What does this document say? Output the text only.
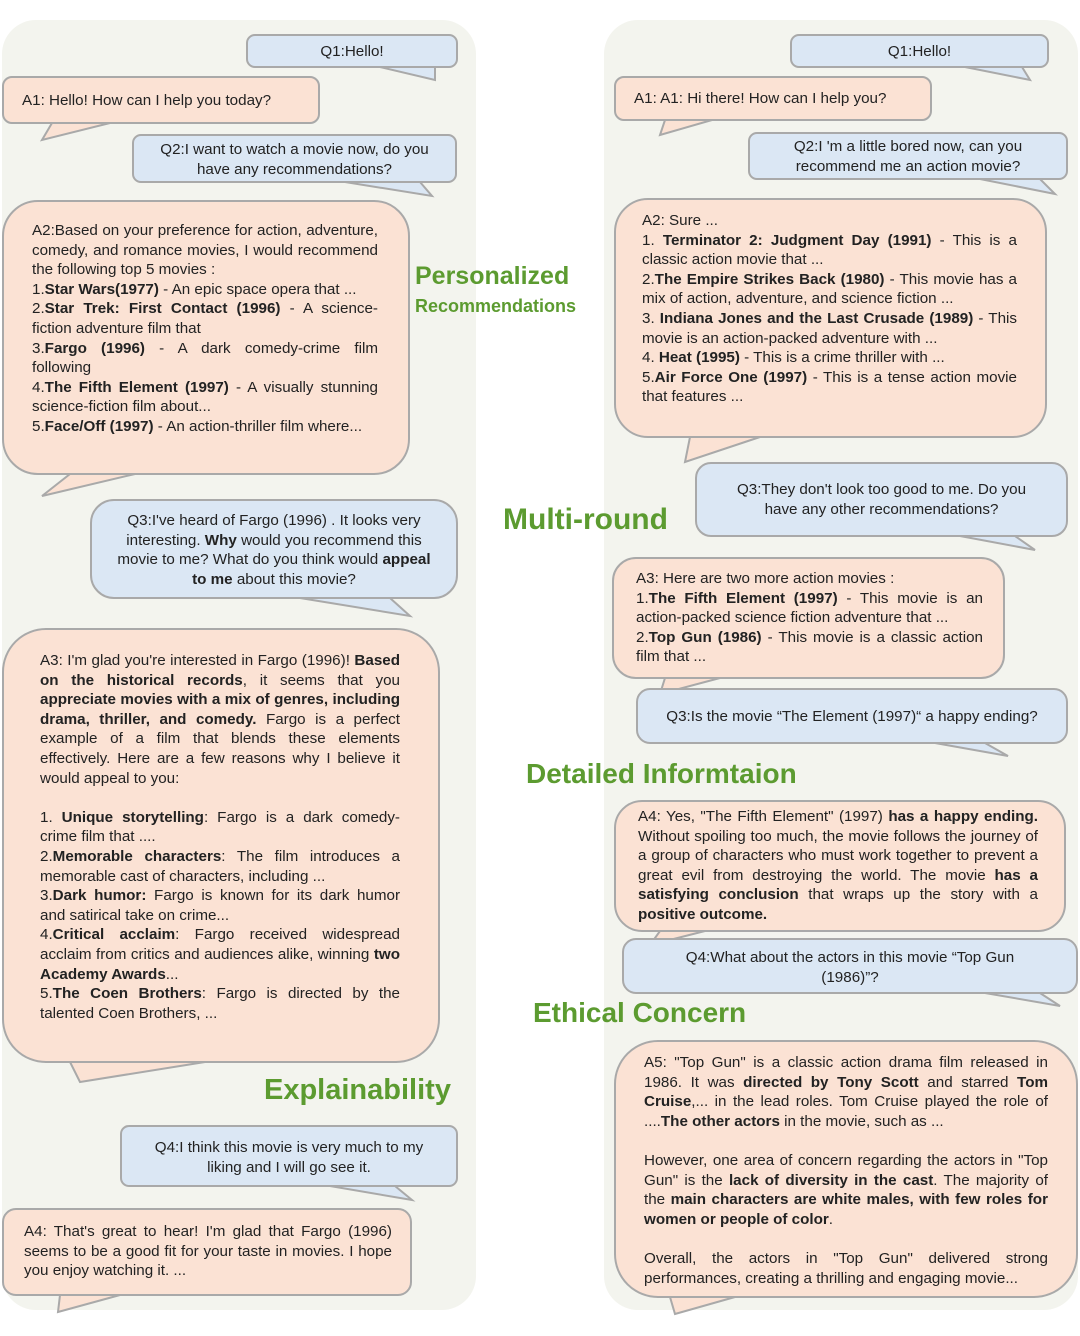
Q1:Hello!
A1: Hello! How can I help you today?
Q2:I want to watch a movie now, do you have any recommendations?

A2:Based on your preference for action, adventure, comedy, and romance movies, I would recommend the following top 5 movies :

1.Star Wars(1977) - An epic space opera that ...

2.Star Trek: First Contact (1996) - A science-fiction adventure film that

3.Fargo (1996) - A dark comedy-crime film following

4.The Fifth Element (1997) - A visually stunning science-fiction film about...

5.Face/Off (1997) - An action-thriller film where...

Q3:I've heard of Fargo (1996) . It looks very interesting. Why would you recommend this movie to me? What do you think would appeal to me about this movie?

A3: I'm glad you're interested in Fargo (1996)! Based on the historical records, it seems that you appreciate movies with a mix of genres, including drama, thriller, and comedy. Fargo is a perfect example of a film that blends these elements effectively. Here are a few reasons why I believe it would appeal to you:

1. Unique storytelling: Fargo is a dark comedy-crime film that ....

2.Memorable characters: The film introduces a memorable cast of characters, including ...

3.Dark humor: Fargo is known for its dark humor and satirical take on crime...

4.Critical acclaim: Fargo received widespread acclaim from critics and audiences alike, winning two Academy Awards...

5.The Coen Brothers: Fargo is directed by the talented Coen Brothers, ...

Q4:I think this movie is very much to my liking and I will go see it.

A4: That's great to hear! I'm glad that Fargo (1996) seems to be a good fit for your taste in movies. I hope you enjoy watching it. ...

Q1:Hello!
A1: A1: Hi there! How can I help you?
Q2:I 'm a little bored now, can you recommend me an action movie?

A2: Sure ...

1. Terminator 2: Judgment Day (1991) - This is a classic action movie that ...

2.The Empire Strikes Back (1980) - This movie has a mix of action, adventure, and science fiction ...

3. Indiana Jones and the Last Crusade (1989) - This movie is an action-packed adventure with ...

4. Heat (1995) - This is a crime thriller with ...

5.Air Force One (1997) - This is a tense action movie that features ...

Q3:They don't look too good to me. Do you have any other recommendations?

A3: Here are two more action movies :

1.The Fifth Element (1997) - This movie is an action-packed science fiction adventure that ...

2.Top Gun (1986) - This movie is a classic action film that ...

Q3:Is the movie “The Element (1997)“ a happy ending?

A4: Yes, "The Fifth Element" (1997) has a happy ending. Without spoiling too much, the movie follows the journey of a group of characters who must work together to prevent a great evil from destroying the world. The movie has a satisfying conclusion that wraps up the story with a positive outcome.

Q4:What about the actors in this movie “Top Gun (1986)”?

A5: "Top Gun" is a classic action drama film released in 1986. It was directed by Tony Scott and starred Tom Cruise,... in the lead roles. Tom Cruise played the role of ....The other actors in the movie, such as ...

However, one area of concern regarding the actors in "Top Gun" is the lack of diversity in the cast. The majority of the main characters are white males, with few roles for women or people of color.

Overall, the actors in "Top Gun" delivered strong performances, creating a thrilling and engaging movie...

Personalized
Recommendations
Multi-round
Detailed Informtaion
Ethical Concern
Explainability
